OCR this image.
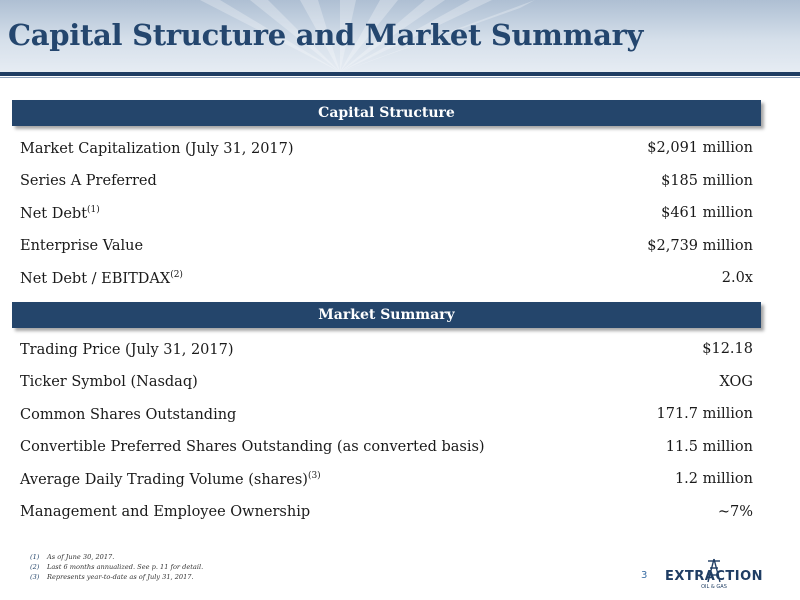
Capital Structure and Market Summary
Capital Structure
Market Capitalization (July 31, 2017)	$2,091 million
Series A Preferred	$185 million
Net Debt$^{(1)}$	$461 million
Enterprise Value	$2,739 million
Net Debt / EBITDAX$^{(2)}$	2.0x
Market Summary
Trading Price (July 31, 2017)	$12.18
Ticker Symbol (Nasdaq)	XOG
Common Shares Outstanding	171.7 million
Convertible Preferred Shares Outstanding (as converted basis)	11.5 million
Average Daily Trading Volume (shares)$^{(3)}$	1.2 million
Management and Employee Ownership	~7%
(1) As of June 30, 2017.
(2) Last 6 months annualized. See p. 11 for detail.
(3) Represents year-to-date as of July 31, 2017.	3 EXTRACTION
OIL & GAS
